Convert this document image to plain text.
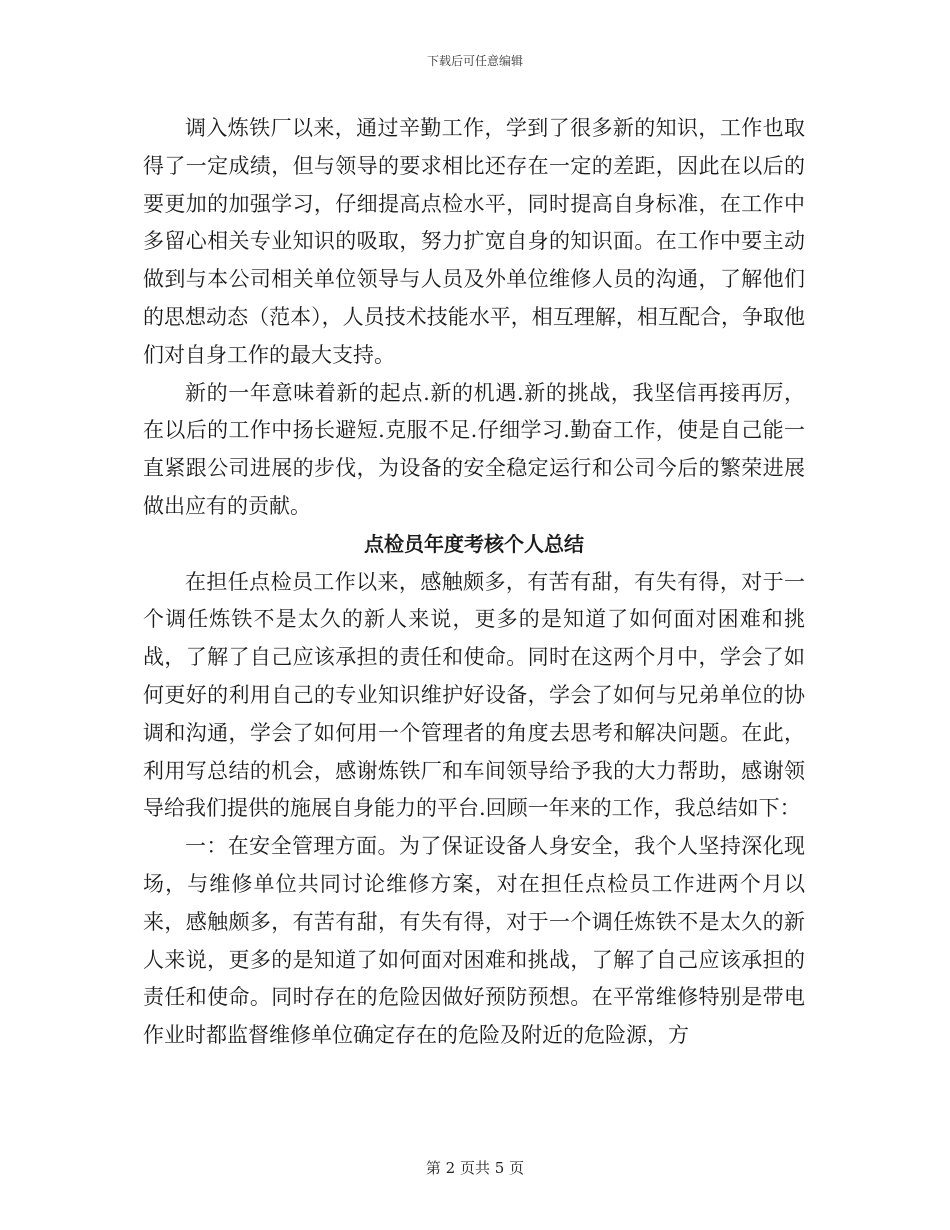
下载后可任意编辑

调入炼铁厂以来，通过辛勤工作，学到了很多新的知识，工作也取得了一定成绩，但与领导的要求相比还存在一定的差距，因此在以后的要更加的加强学习，仔细提高点检水平，同时提高自身标准，在工作中多留心相关专业知识的吸取，努力扩宽自身的知识面。在工作中要主动做到与本公司相关单位领导与人员及外单位维修人员的沟通，了解他们的思想动态（范本），人员技术技能水平，相互理解，相互配合，争取他们对自身工作的最大支持。

新的一年意味着新的起点.新的机遇.新的挑战，我坚信再接再厉，在以后的工作中扬长避短.克服不足.仔细学习.勤奋工作，使是自己能一直紧跟公司进展的步伐，为设备的安全稳定运行和公司今后的繁荣进展做出应有的贡献。

点检员年度考核个人总结

在担任点检员工作以来，感触颇多，有苦有甜，有失有得，对于一个调任炼铁不是太久的新人来说，更多的是知道了如何面对困难和挑战，了解了自己应该承担的责任和使命。同时在这两个月中，学会了如何更好的利用自己的专业知识维护好设备，学会了如何与兄弟单位的协调和沟通，学会了如何用一个管理者的角度去思考和解决问题。在此，利用写总结的机会，感谢炼铁厂和车间领导给予我的大力帮助，感谢领导给我们提供的施展自身能力的平台.回顾一年来的工作，我总结如下：

一：在安全管理方面。为了保证设备人身安全，我个人坚持深化现场，与维修单位共同讨论维修方案，对在担任点检员工作进两个月以来，感触颇多，有苦有甜，有失有得，对于一个调任炼铁不是太久的新人来说，更多的是知道了如何面对困难和挑战，了解了自己应该承担的责任和使命。同时存在的危险因做好预防预想。在平常维修特别是带电作业时都监督维修单位确定存在的危险及附近的危险源，方

第 2 页共 5 页
